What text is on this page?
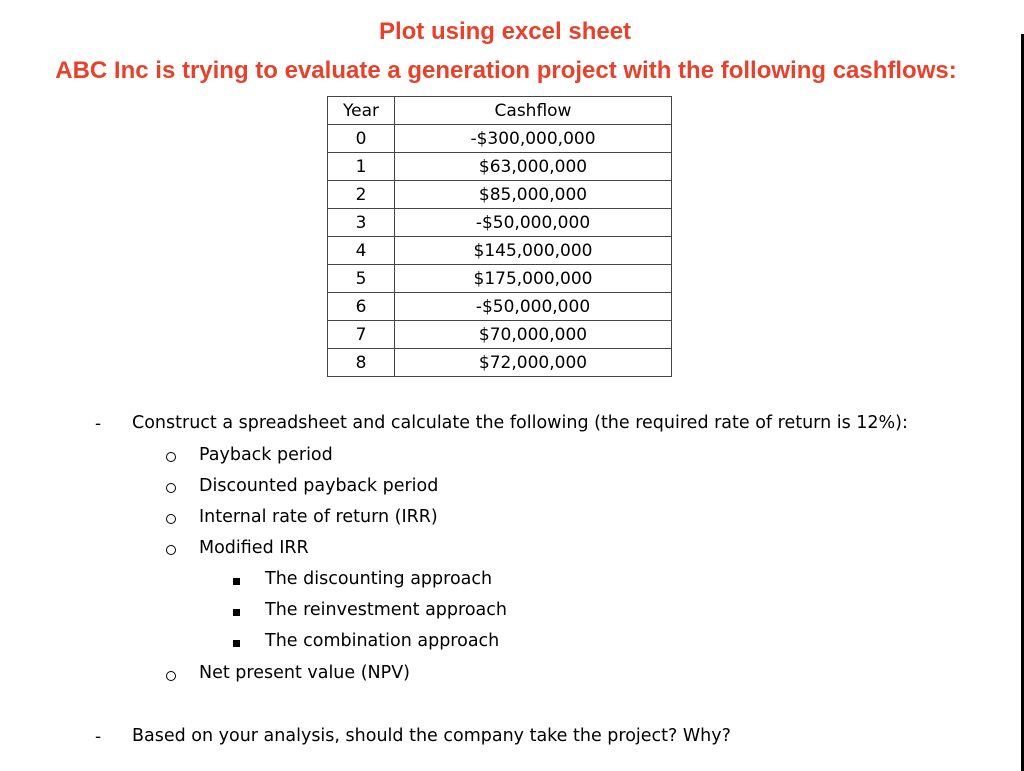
Plot using excel sheet
ABC Inc is trying to evaluate a generation project with the following cashflows:
Year	Cashflow
0	-$300,000,000
1	$63,000,000
2	$85,000,000
3	-$50,000,000
4	$145,000,000
5	$175,000,000
6	-$50,000,000
7	$70,000,000
8	$72,000,000
- Construct a spreadsheet and calculate the following (the required rate of return is 12%):
Payback period
Discounted payback period
Internal rate of return (IRR)
Modified IRR
The discounting approach
The reinvestment approach
The combination approach
Net present value (NPV)
- Based on your analysis, should the company take the project? Why?
